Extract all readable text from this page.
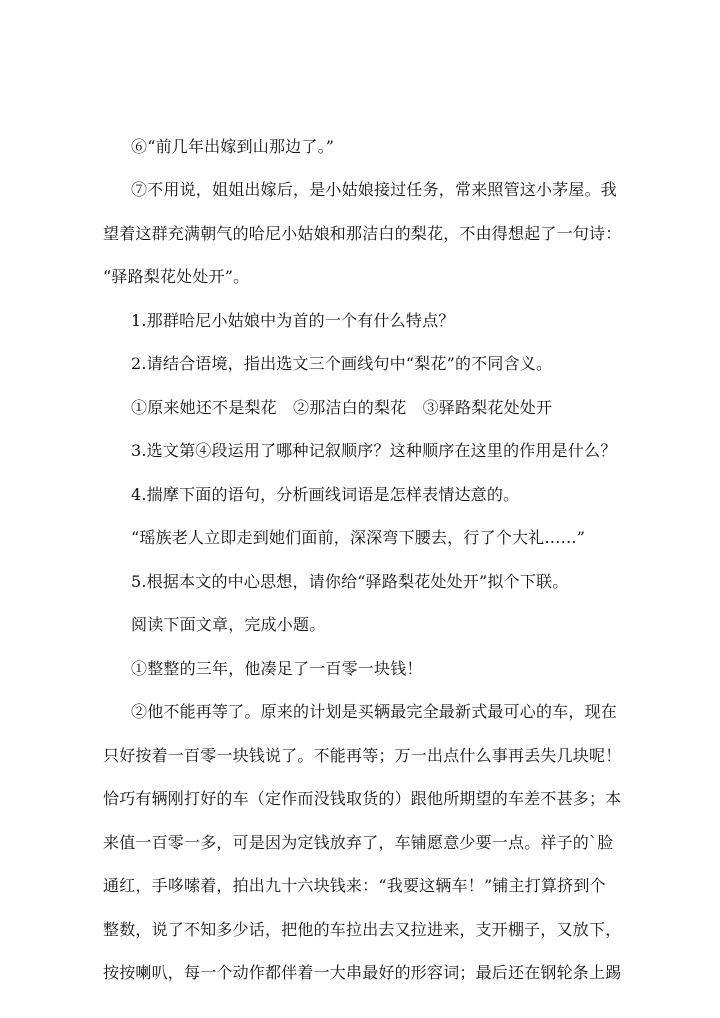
⑥“前几年出嫁到山那边了。”
⑦不用说，姐姐出嫁后，是小姑娘接过任务，常来照管这小茅屋。我
望着这群充满朝气的哈尼小姑娘和那洁白的梨花，不由得想起了一句诗：
“驿路梨花处处开”。
1.那群哈尼小姑娘中为首的一个有什么特点？
2.请结合语境，指出选文三个画线句中“梨花”的不同含义。
①原来她还不是梨花　②那洁白的梨花　③驿路梨花处处开
3.选文第④段运用了哪种记叙顺序？这种顺序在这里的作用是什么？
4.揣摩下面的语句，分析画线词语是怎样表情达意的。
“瑶族老人立即走到她们面前，深深弯下腰去，行了个大礼……”
5.根据本文的中心思想，请你给“驿路梨花处处开”拟个下联。
阅读下面文章，完成小题。
①整整的三年，他凑足了一百零一块钱！
②他不能再等了。原来的计划是买辆最完全最新式最可心的车，现在
只好按着一百零一块钱说了。不能再等；万一出点什么事再丢失几块呢！
恰巧有辆刚打好的车（定作而没钱取货的）跟他所期望的车差不甚多；本
来值一百零一多，可是因为定钱放弃了，车铺愿意少要一点。祥子的`脸
通红，手哆嗦着，拍出九十六块钱来：“我要这辆车！”铺主打算挤到个
整数，说了不知多少话，把他的车拉出去又拉进来，支开棚子，又放下，
按按喇叭，每一个动作都伴着一大串最好的形容词；最后还在钢轮条上踢
